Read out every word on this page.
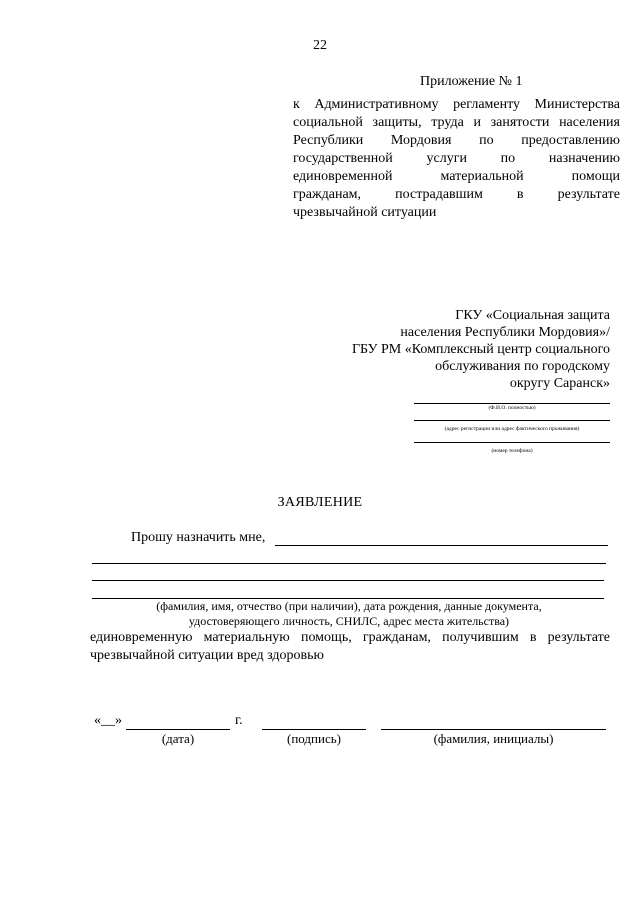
22
Приложение № 1
к Административному регламенту Министерства
социальной защиты, труда и занятости населения
Республики Мордовия по предоставлению
государственной услуги по назначению
единовременной материальной помощи
гражданам, пострадавшим в результате
чрезвычайной ситуации
ГКУ «Социальная защита
населения Республики Мордовия»/
ГБУ РМ «Комплексный центр социального
обслуживания по городскому
округу Саранск»
(Ф.И.О. полностью)
(адрес регистрации или адрес фактического проживания)
(номер телефона)
ЗАЯВЛЕНИЕ
Прошу назначить мне,
(фамилия, имя, отчество (при наличии), дата рождения, данные документа,
удостоверяющего личность, СНИЛС, адрес места жительства)
единовременную материальную помощь, гражданам, получившим в результате
чрезвычайной ситуации вред здоровью
«__»	г.
(дата)	(подпись)	(фамилия, инициалы)
